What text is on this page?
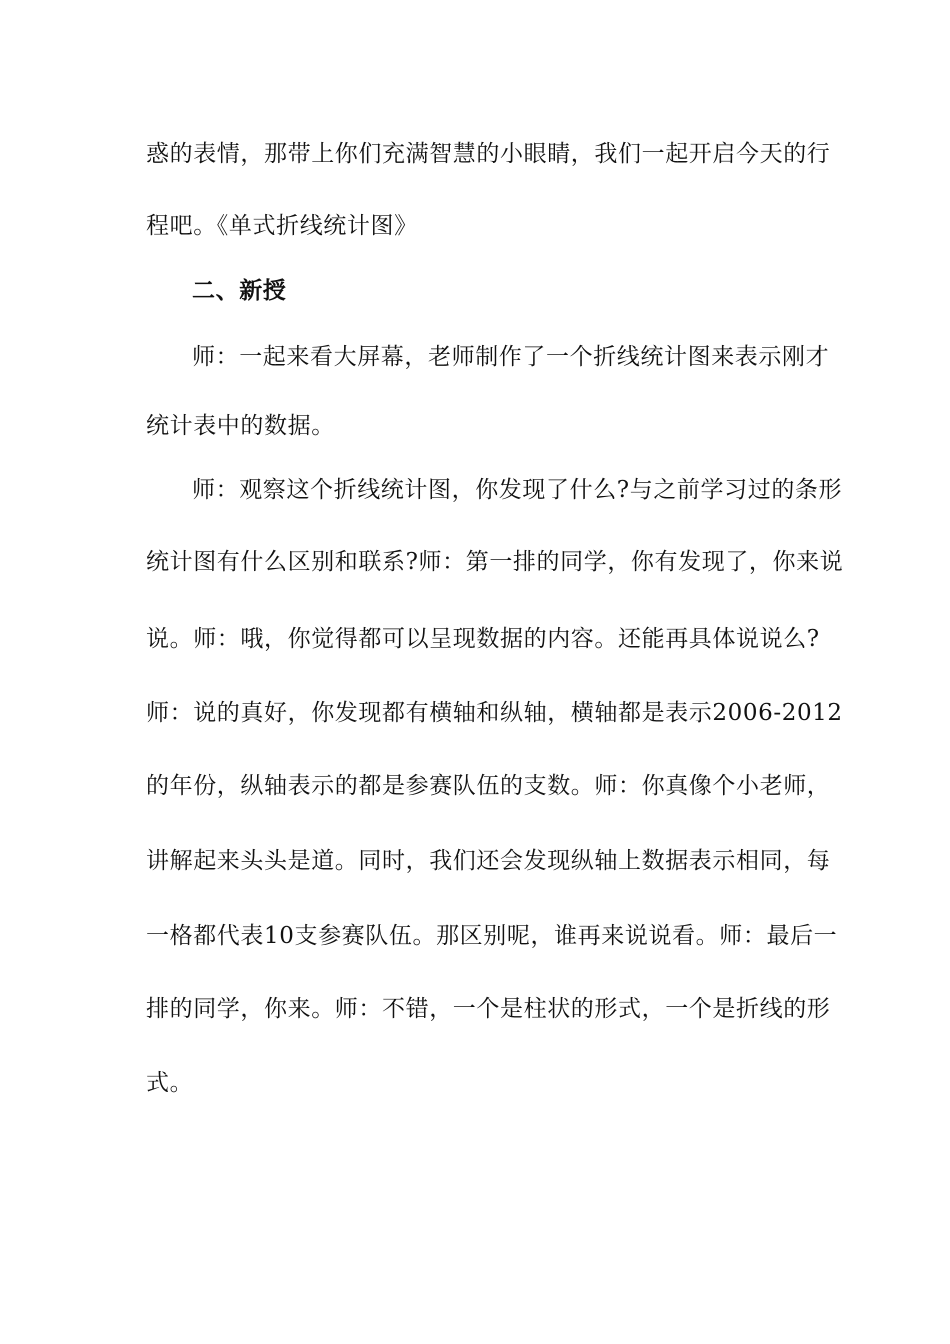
惑的表情，那带上你们充满智慧的小眼睛，我们一起开启今天的行
程吧。《单式折线统计图》
二、新授
师：一起来看大屏幕，老师制作了一个折线统计图来表示刚才
统计表中的数据。
师：观察这个折线统计图，你发现了什么?与之前学习过的条形
统计图有什么区别和联系?师：第一排的同学，你有发现了，你来说
说。师：哦，你觉得都可以呈现数据的内容。还能再具体说说么?
师：说的真好，你发现都有横轴和纵轴，横轴都是表示2006-2012
的年份，纵轴表示的都是参赛队伍的支数。师：你真像个小老师，
讲解起来头头是道。同时，我们还会发现纵轴上数据表示相同，每
一格都代表10支参赛队伍。那区别呢，谁再来说说看。师：最后一
排的同学，你来。师：不错，一个是柱状的形式，一个是折线的形
式。
